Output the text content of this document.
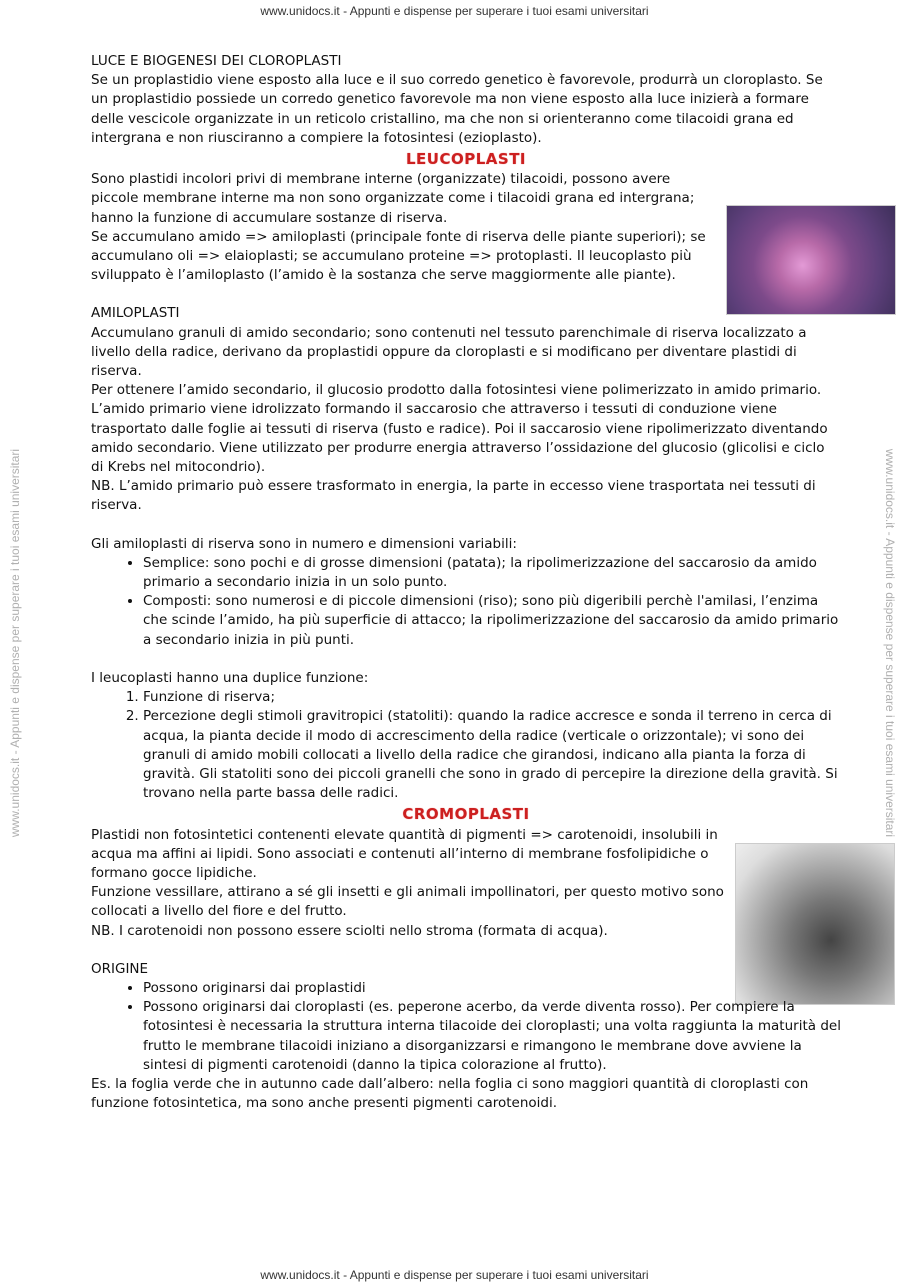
www.unidocs.it - Appunti e dispense per superare i tuoi esami universitari
www.unidocs.it - Appunti e dispense per superare i tuoi esami universitari	www.unidocs.it - Appunti e dispense per superare i tuoi esami universitari

LUCE E BIOGENESI DEI CLOROPLASTI

Se un proplastidio viene esposto alla luce e il suo corredo genetico è favorevole, produrrà un cloroplasto. Se un proplastidio possiede un corredo genetico favorevole ma non viene esposto alla luce inizierà a formare delle vescicole organizzate in un reticolo cristallino, ma che non si orienteranno come tilacoidi grana ed intergrana e non riusciranno a compiere la fotosintesi (ezioplasto).

LEUCOPLASTI

Sono plastidi incolori privi di membrane interne (organizzate) tilacoidi, possono avere piccole membrane interne ma non sono organizzate come i tilacoidi grana ed intergrana; hanno la funzione di accumulare sostanze di riserva.

Se accumulano amido => amiloplasti (principale fonte di riserva delle piante superiori); se accumulano oli => elaioplasti; se accumulano proteine => protoplasti. Il leucoplasto più sviluppato è l’amiloplasto (l’amido è la sostanza che serve maggiormente alle piante).

AMILOPLASTI

Accumulano granuli di amido secondario; sono contenuti nel tessuto parenchimale di riserva localizzato a livello della radice, derivano da proplastidi oppure da cloroplasti e si modificano per diventare plastidi di riserva.

Per ottenere l’amido secondario, il glucosio prodotto dalla fotosintesi viene polimerizzato in amido primario. L’amido primario viene idrolizzato formando il saccarosio che attraverso i tessuti di conduzione viene trasportato dalle foglie ai tessuti di riserva (fusto e radice). Poi il saccarosio viene ripolimerizzato diventando amido secondario. Viene utilizzato per produrre energia attraverso l’ossidazione del glucosio (glicolisi e ciclo di Krebs nel mitocondrio).

NB. L’amido primario può essere trasformato in energia, la parte in eccesso viene trasportata nei tessuti di riserva.

Gli amiloplasti di riserva sono in numero e dimensioni variabili:

• Semplice: sono pochi e di grosse dimensioni (patata); la ripolimerizzazione del saccarosio da amido primario a secondario inizia in un solo punto.
• Composti: sono numerosi e di piccole dimensioni (riso); sono più digeribili perchè l'amilasi, l’enzima che scinde l’amido, ha più superficie di attacco; la ripolimerizzazione del saccarosio da amido primario a secondario inizia in più punti.

I leucoplasti hanno una duplice funzione:

1. Funzione di riserva;
2. Percezione degli stimoli gravitropici (statoliti): quando la radice accresce e sonda il terreno in cerca di acqua, la pianta decide il modo di accrescimento della radice (verticale o orizzontale); vi sono dei granuli di amido mobili collocati a livello della radice che girandosi, indicano alla pianta la forza di gravità. Gli statoliti sono dei piccoli granelli che sono in grado di percepire la direzione della gravità. Si trovano nella parte bassa delle radici.
CROMOPLASTI

Plastidi non fotosintetici contenenti elevate quantità di pigmenti => carotenoidi, insolubili in acqua ma affini ai lipidi. Sono associati e contenuti all’interno di membrane fosfolipidiche o formano gocce lipidiche.

Funzione vessillare, attirano a sé gli insetti e gli animali impollinatori, per questo motivo sono collocati a livello del fiore e del frutto.

NB. I carotenoidi non possono essere sciolti nello stroma (formata di acqua).

ORIGINE

• Possono originarsi dai proplastidi
• Possono originarsi dai cloroplasti (es. peperone acerbo, da verde diventa rosso). Per compiere la fotosintesi è necessaria la struttura interna tilacoide dei cloroplasti; una volta raggiunta la maturità del frutto le membrane tilacoidi iniziano a disorganizzarsi e rimangono le membrane dove avviene la sintesi di pigmenti carotenoidi (danno la tipica colorazione al frutto).

Es. la foglia verde che in autunno cade dall’albero: nella foglia ci sono maggiori quantità di cloroplasti con funzione fotosintetica, ma sono anche presenti pigmenti carotenoidi.

www.unidocs.it - Appunti e dispense per superare i tuoi esami universitari
